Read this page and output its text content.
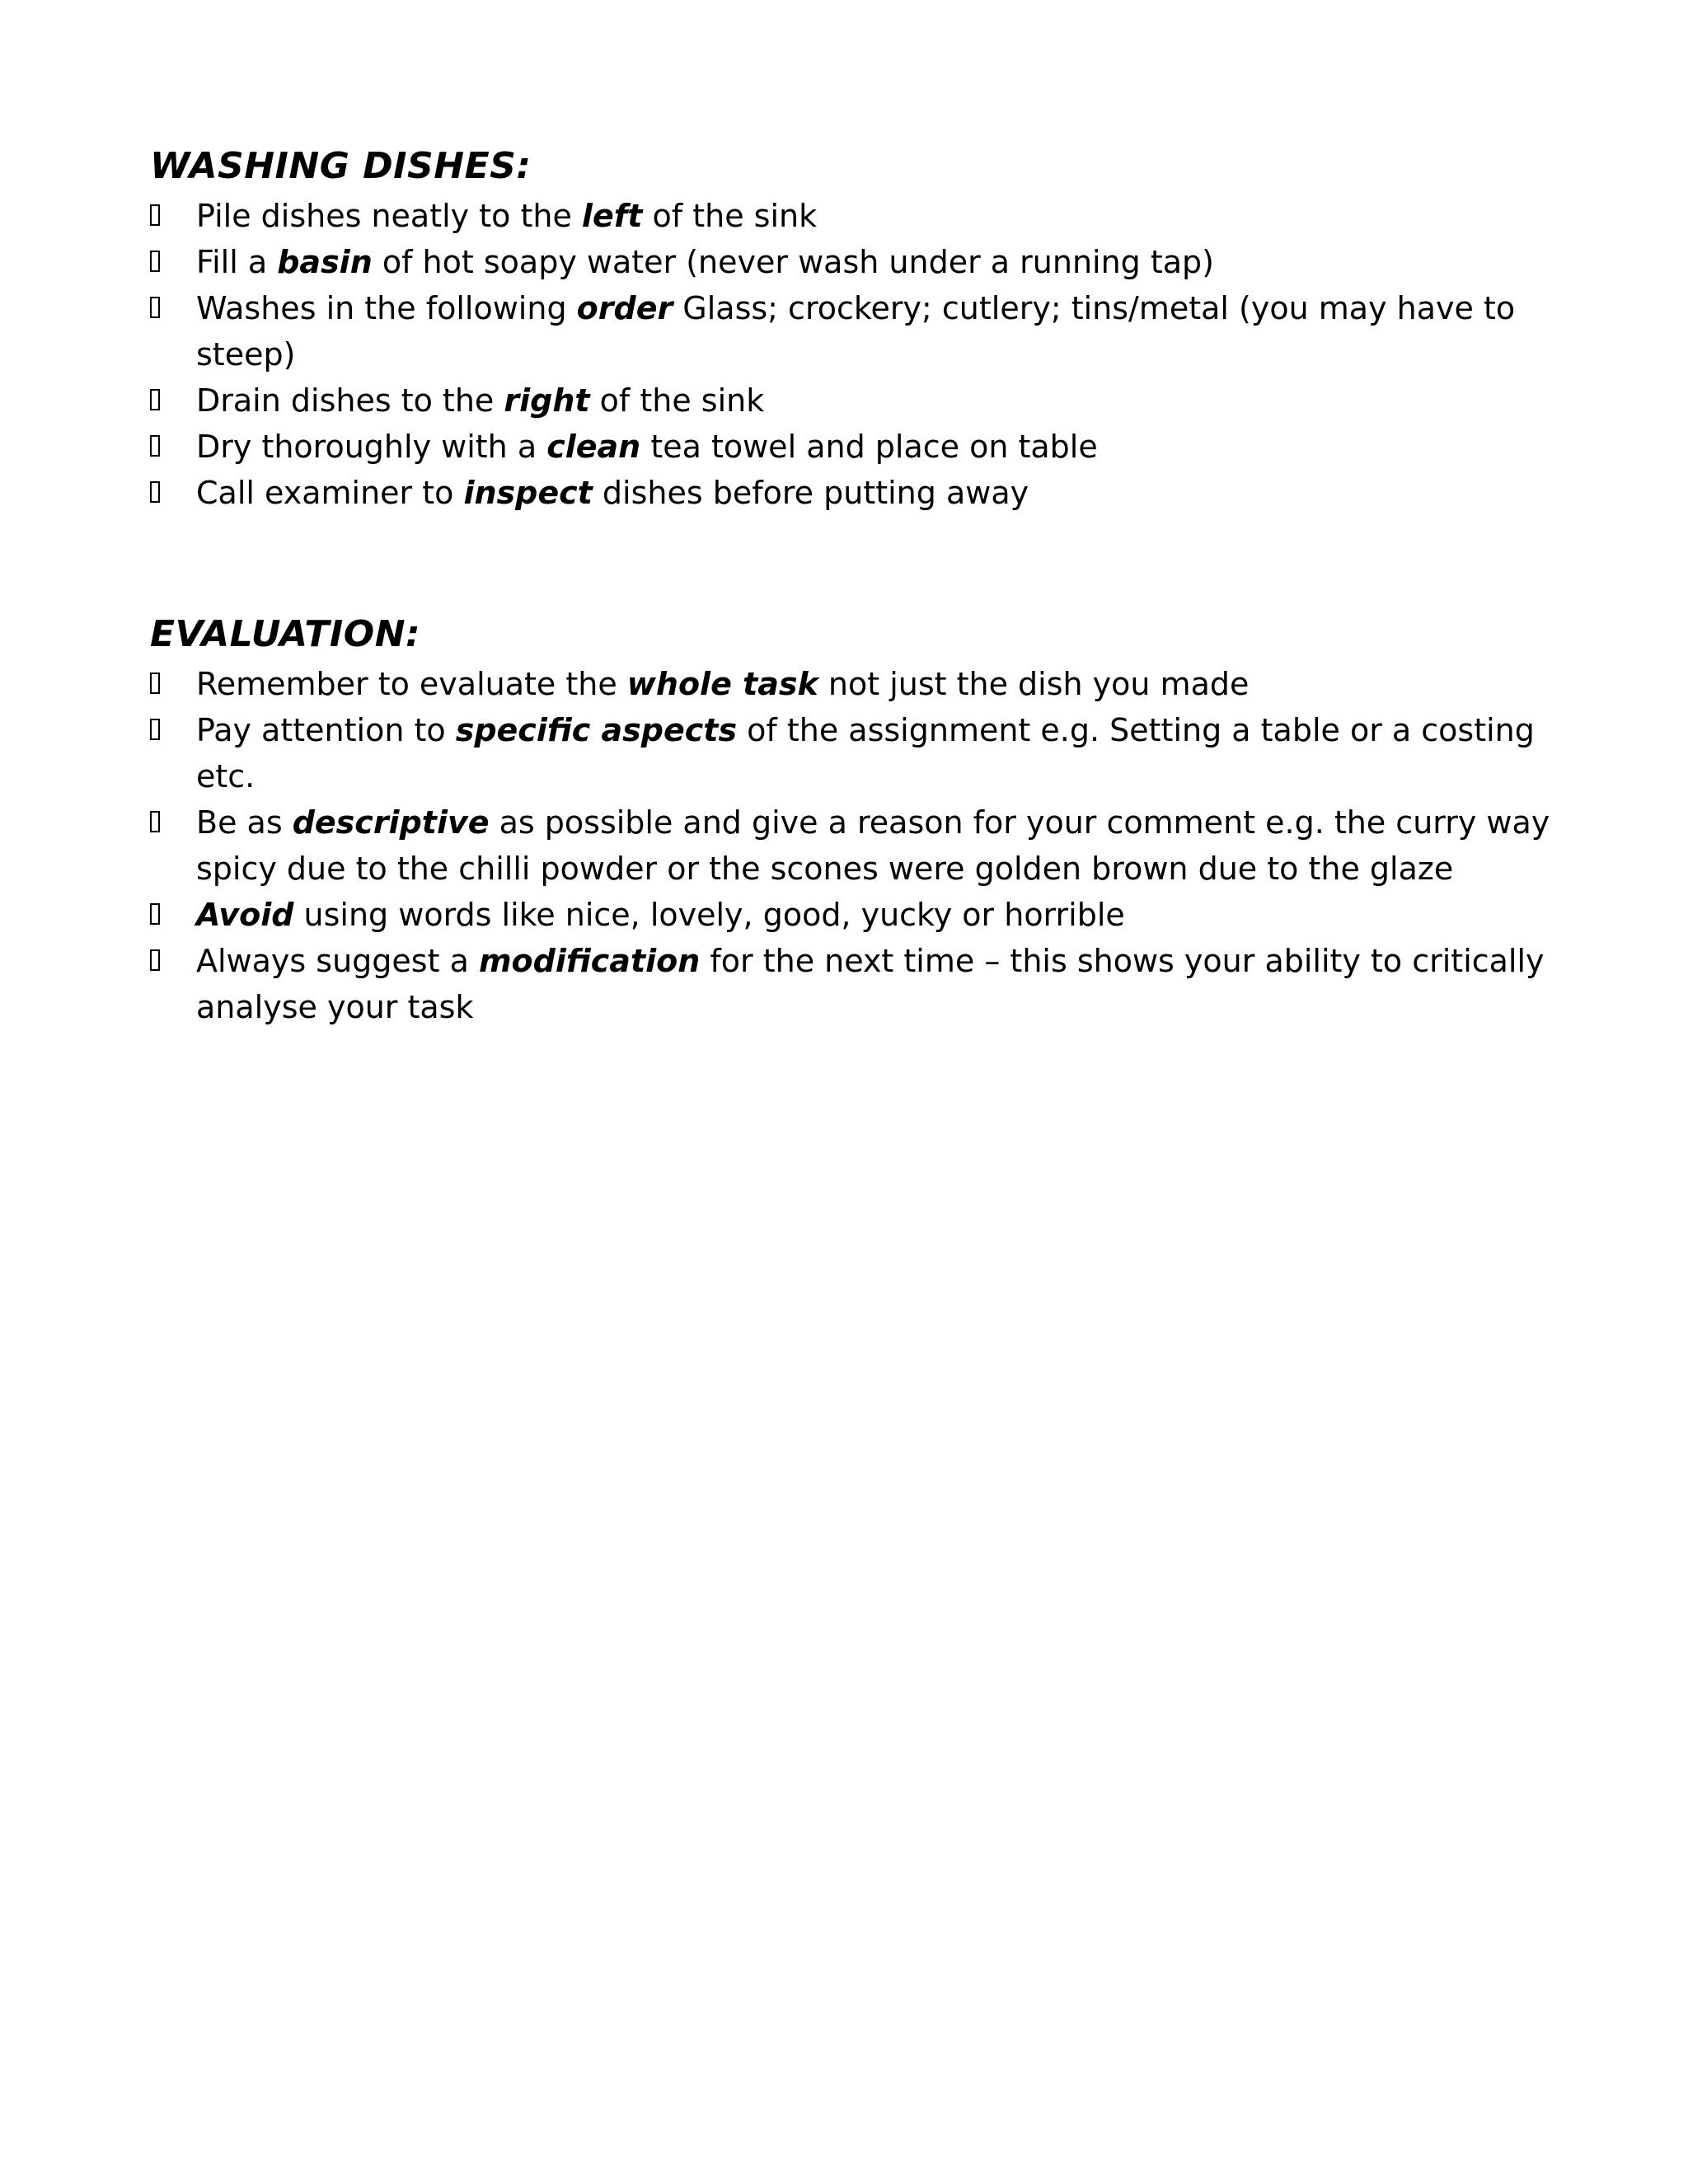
WASHING DISHES:
Pile dishes neatly to the left of the sink
Fill a basin of hot soapy water (never wash under a running tap)
Washes in the following order Glass; crockery; cutlery; tins/metal (you may have to steep)
Drain dishes to the right of the sink
Dry thoroughly with a clean tea towel and place on table
Call examiner to inspect dishes before putting away
EVALUATION:
Remember to evaluate the whole task not just the dish you made
Pay attention to specific aspects of the assignment e.g. Setting a table or a costing etc.
Be as descriptive as possible and give a reason for your comment e.g. the curry way spicy due to the chilli powder or the scones were golden brown due to the glaze
Avoid using words like nice, lovely, good, yucky or horrible
Always suggest a modification for the next time – this shows your ability to critically analyse your task
